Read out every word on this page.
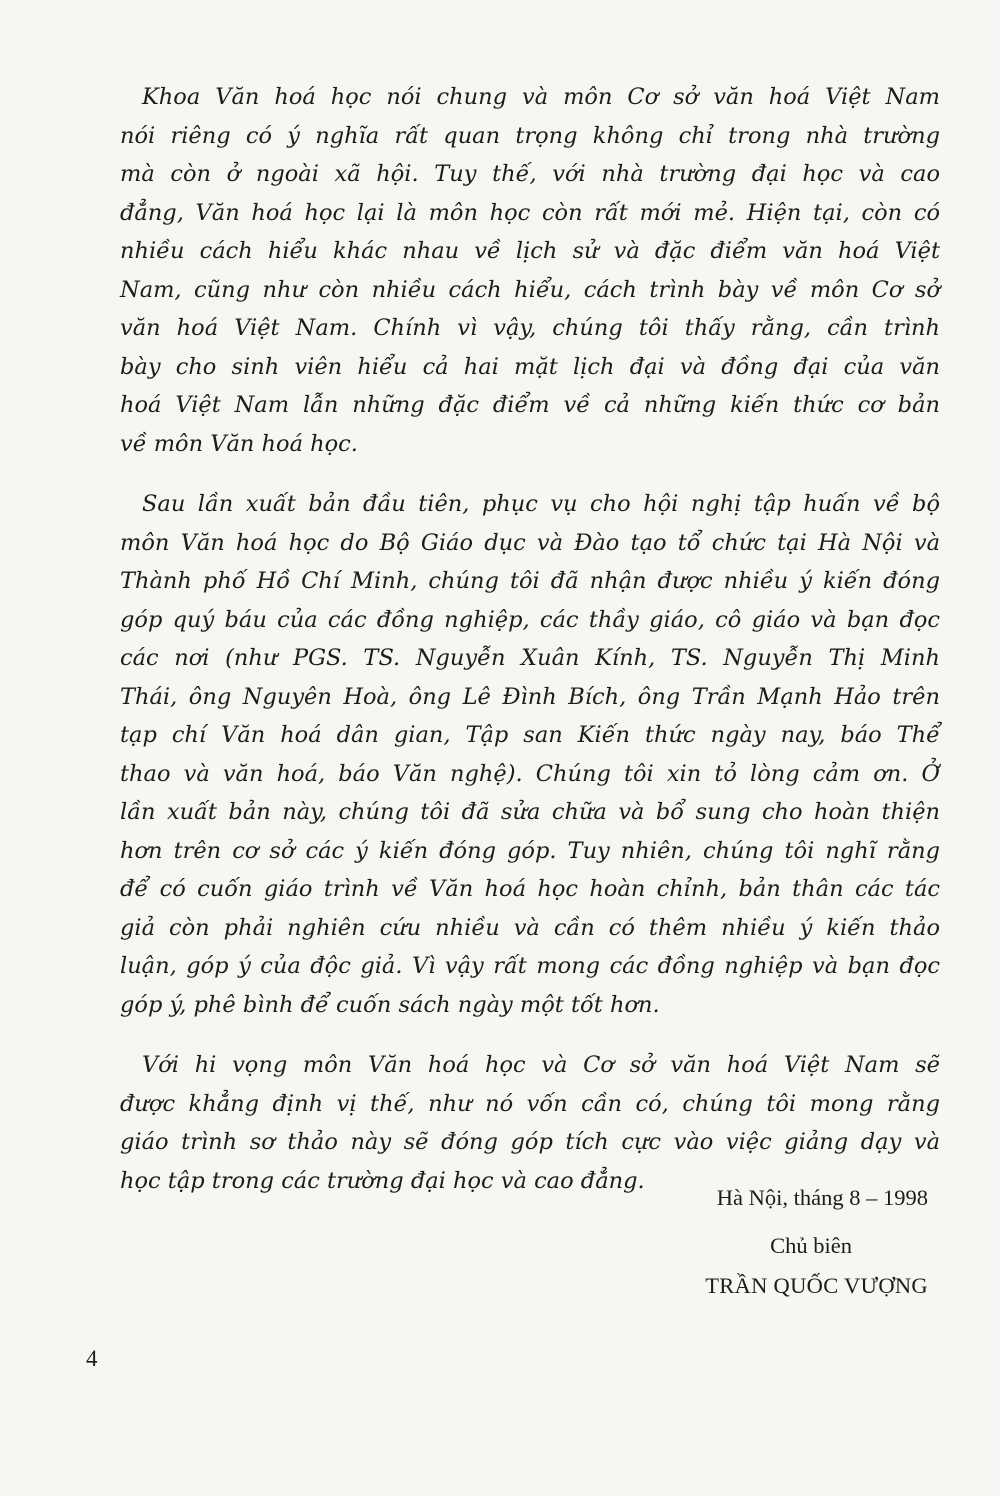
Khoa Văn hoá học nói chung và môn Cơ sở văn hoá Việt Nam
nói riêng có ý nghĩa rất quan trọng không chỉ trong nhà trường
mà còn ở ngoài xã hội. Tuy thế, với nhà trường đại học và cao
đẳng, Văn hoá học lại là môn học còn rất mới mẻ. Hiện tại, còn có
nhiều cách hiểu khác nhau về lịch sử và đặc điểm văn hoá Việt
Nam, cũng như còn nhiều cách hiểu, cách trình bày về môn Cơ sở
văn hoá Việt Nam. Chính vì vậy, chúng tôi thấy rằng, cần trình
bày cho sinh viên hiểu cả hai mặt lịch đại và đồng đại của văn
hoá Việt Nam lẫn những đặc điểm về cả những kiến thức cơ bản
về môn Văn hoá học.

Sau lần xuất bản đầu tiên, phục vụ cho hội nghị tập huấn về bộ
môn Văn hoá học do Bộ Giáo dục và Đào tạo tổ chức tại Hà Nội và
Thành phố Hồ Chí Minh, chúng tôi đã nhận được nhiều ý kiến đóng
góp quý báu của các đồng nghiệp, các thầy giáo, cô giáo và bạn đọc
các nơi (như PGS. TS. Nguyễn Xuân Kính, TS. Nguyễn Thị Minh
Thái, ông Nguyên Hoà, ông Lê Đình Bích, ông Trần Mạnh Hảo trên
tạp chí Văn hoá dân gian, Tập san Kiến thức ngày nay, báo Thể
thao và văn hoá, báo Văn nghệ). Chúng tôi xin tỏ lòng cảm ơn. Ở
lần xuất bản này, chúng tôi đã sửa chữa và bổ sung cho hoàn thiện
hơn trên cơ sở các ý kiến đóng góp. Tuy nhiên, chúng tôi nghĩ rằng
để có cuốn giáo trình về Văn hoá học hoàn chỉnh, bản thân các tác
giả còn phải nghiên cứu nhiều và cần có thêm nhiều ý kiến thảo
luận, góp ý của độc giả. Vì vậy rất mong các đồng nghiệp và bạn đọc
góp ý, phê bình để cuốn sách ngày một tốt hơn.

Với hi vọng môn Văn hoá học và Cơ sở văn hoá Việt Nam sẽ
được khẳng định vị thế, như nó vốn cần có, chúng tôi mong rằng
giáo trình sơ thảo này sẽ đóng góp tích cực vào việc giảng dạy và
học tập trong các trường đại học và cao đẳng.

Hà Nội, tháng 8 – 1998
Chủ biên
TRẦN QUỐC VƯỢNG
4
